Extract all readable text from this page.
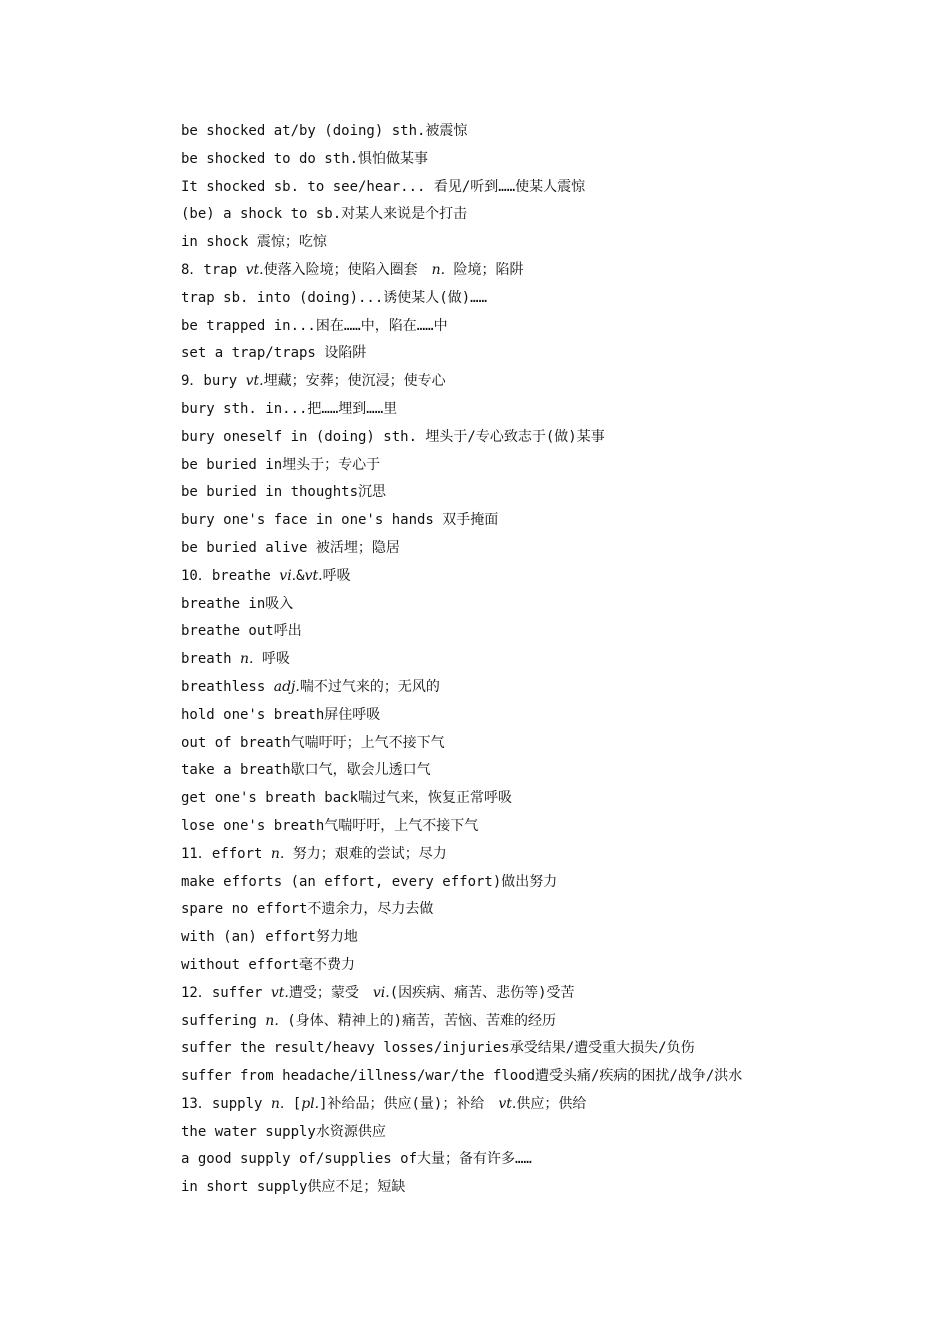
be shocked at/by (doing) sth.被震惊
be shocked to do sth.惧怕做某事
It shocked sb. to see/hear... 看见/听到……使某人震惊
(be) a shock to sb.对某人来说是个打击
in shock 震惊；吃惊
8．trap vt.使落入险境；使陷入圈套　n. 险境；陷阱
trap sb. into (doing)...诱使某人(做)……
be trapped in...困在……中，陷在……中
set a trap/traps 设陷阱
9．bury vt.埋藏；安葬；使沉浸；使专心
bury sth. in...把……埋到……里
bury oneself in (doing) sth. 埋头于/专心致志于(做)某事
be buried in埋头于；专心于
be buried in thoughts沉思
bury one's face in one's hands 双手掩面
be buried alive 被活埋；隐居
10．breathe vi.&vt.呼吸
breathe in吸入
breathe out呼出
breath n. 呼吸
breathless adj.喘不过气来的；无风的
hold one's breath屏住呼吸
out of breath气喘吁吁；上气不接下气
take a breath歇口气，歇会儿透口气
get one's breath back喘过气来，恢复正常呼吸
lose one's breath气喘吁吁，上气不接下气
11．effort n. 努力；艰难的尝试；尽力
make efforts (an effort, every effort)做出努力
spare no effort不遗余力，尽力去做
with (an) effort努力地
without effort毫不费力
12．suffer vt.遭受；蒙受　vi.(因疾病、痛苦、悲伤等)受苦
suffering n. (身体、精神上的)痛苦，苦恼、苦难的经历
suffer the result/heavy losses/injuries承受结果/遭受重大损失/负伤
suffer from headache/illness/war/the flood遭受头痛/疾病的困扰/战争/洪水
13．supply n. [pl.]补给品；供应(量)；补给　vt.供应；供给
the water supply水资源供应
a good supply of/supplies of大量；备有许多……
in short supply供应不足；短缺
